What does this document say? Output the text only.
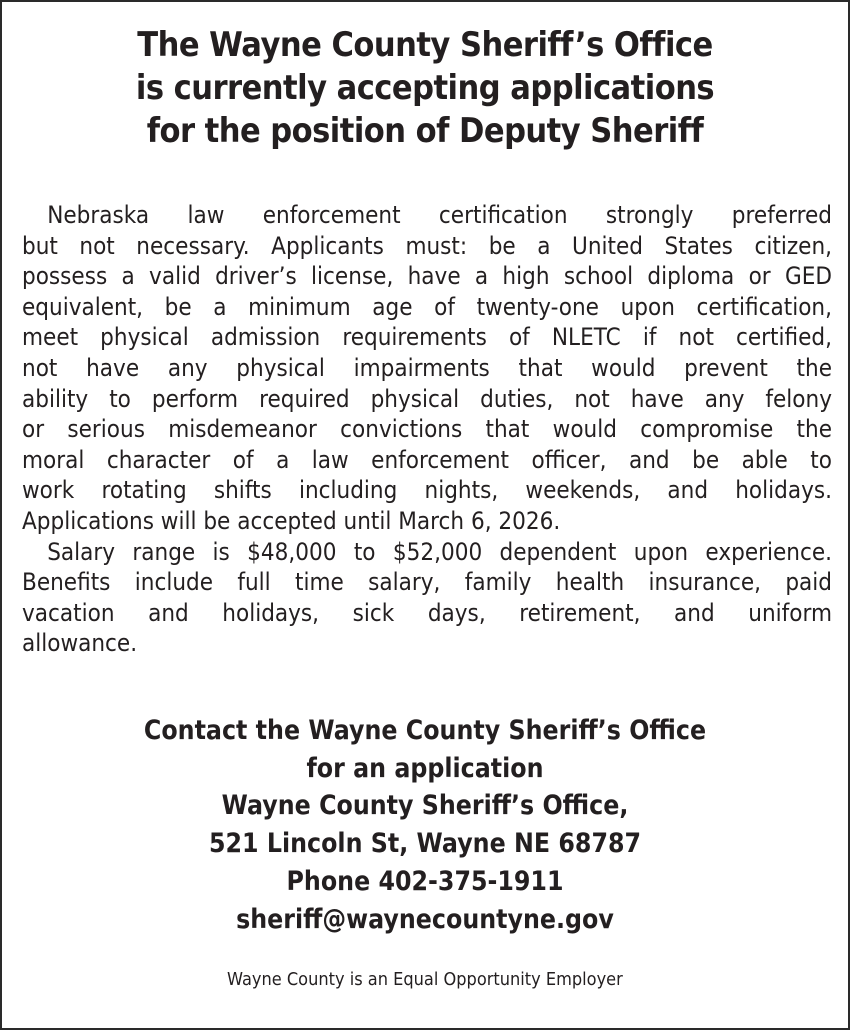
The Wayne County Sheriff’s Office
is currently accepting applications
for the position of Deputy Sheriff

Nebraska law enforcement certification strongly preferred
but not necessary. Applicants must: be a United States citizen,
possess a valid driver’s license, have a high school diploma or GED
equivalent, be a minimum age of twenty-one upon certification,
meet physical admission requirements of NLETC if not certified,
not have any physical impairments that would prevent the
ability to perform required physical duties, not have any felony
or serious misdemeanor convictions that would compromise the
moral character of a law enforcement officer, and be able to
work rotating shifts including nights, weekends, and holidays.
Applications will be accepted until March 6, 2026.

Salary range is $48,000 to $52,000 dependent upon experience.
Benefits include full time salary, family health insurance, paid
vacation and holidays, sick days, retirement, and uniform
allowance.

Contact the Wayne County Sheriff’s Office
for an application
Wayne County Sheriff’s Office,
521 Lincoln St, Wayne NE 68787
Phone 402-375-1911
sheriff@waynecountyne.gov
Wayne County is an Equal Opportunity Employer
